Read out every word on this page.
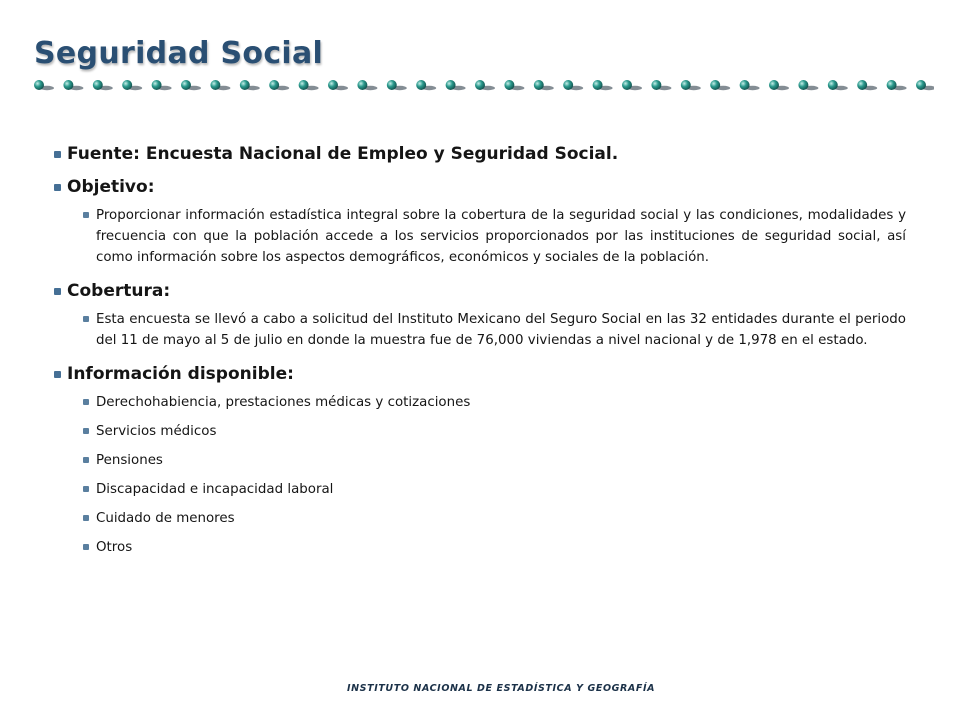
Seguridad Social
Fuente: Encuesta Nacional de Empleo y Seguridad Social.
Objetivo:
Proporcionar información estadística integral sobre la cobertura de la seguridad social y las condiciones, modalidades y frecuencia con que la población accede a los servicios proporcionados por las instituciones de seguridad social, así como información sobre los aspectos demográficos, económicos y sociales de la población.
Cobertura:
Esta encuesta se llevó a cabo a solicitud del Instituto Mexicano del Seguro Social en las 32 entidades durante el periodo del 11 de mayo al 5 de julio en donde la muestra fue de 76,000 viviendas a nivel nacional y de 1,978 en el estado.
Información disponible:
Derechohabiencia, prestaciones médicas y cotizaciones
Servicios médicos
Pensiones
Discapacidad e incapacidad laboral
Cuidado de menores
Otros

INSTITUTO NACIONAL DE ESTADÍSTICA Y GEOGRAFÍA
